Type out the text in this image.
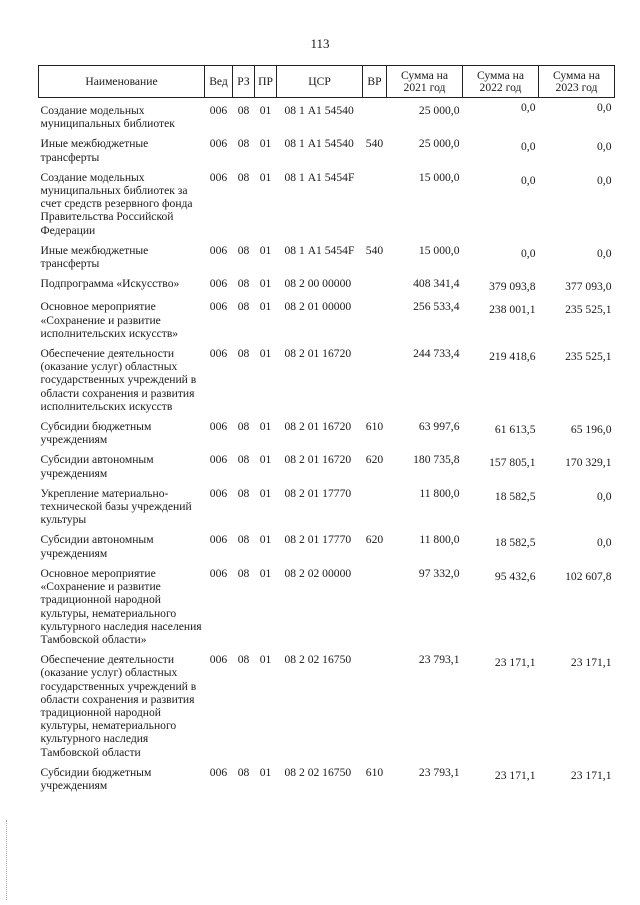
113
Наименование	Вед	РЗ	ПР	ЦСР	ВР	Сумма на 2021 год	Сумма на 2022 год	Сумма на 2023 год
Создание модельных муниципальных библиотек	006	08	01	08 1 А1 54540		25 000,0	0,0	0,0
Иные межбюджетные трансферты	006	08	01	08 1 А1 54540	540	25 000,0	0,0	0,0
Создание модельных муниципальных библиотек за счет средств резервного фонда Правительства Российской Федерации	006	08	01	08 1 А1 5454F		15 000,0	0,0	0,0
Иные межбюджетные трансферты	006	08	01	08 1 А1 5454F	540	15 000,0	0,0	0,0
Подпрограмма «Искусство»	006	08	01	08 2 00 00000		408 341,4	379 093,8	377 093,0
Основное мероприятие «Сохранение и развитие исполнительских искусств»	006	08	01	08 2 01 00000		256 533,4	238 001,1	235 525,1
Обеспечение деятельности (оказание услуг) областных государственных учреждений в области сохранения и развития исполнительских искусств	006	08	01	08 2 01 16720		244 733,4	219 418,6	235 525,1
Субсидии бюджетным учреждениям	006	08	01	08 2 01 16720	610	63 997,6	61 613,5	65 196,0
Субсидии автономным учреждениям	006	08	01	08 2 01 16720	620	180 735,8	157 805,1	170 329,1
Укрепление материально-технической базы учреждений культуры	006	08	01	08 2 01 17770		11 800,0	18 582,5	0,0
Субсидии автономным учреждениям	006	08	01	08 2 01 17770	620	11 800,0	18 582,5	0,0
Основное мероприятие «Сохранение и развитие традиционной народной культуры, нематериального культурного наследия населения Тамбовской области»	006	08	01	08 2 02 00000		97 332,0	95 432,6	102 607,8
Обеспечение деятельности (оказание услуг) областных государственных учреждений в области сохранения и развития традиционной народной культуры, нематериального культурного наследия Тамбовской области	006	08	01	08 2 02 16750		23 793,1	23 171,1	23 171,1
Субсидии бюджетным учреждениям	006	08	01	08 2 02 16750	610	23 793,1	23 171,1	23 171,1
